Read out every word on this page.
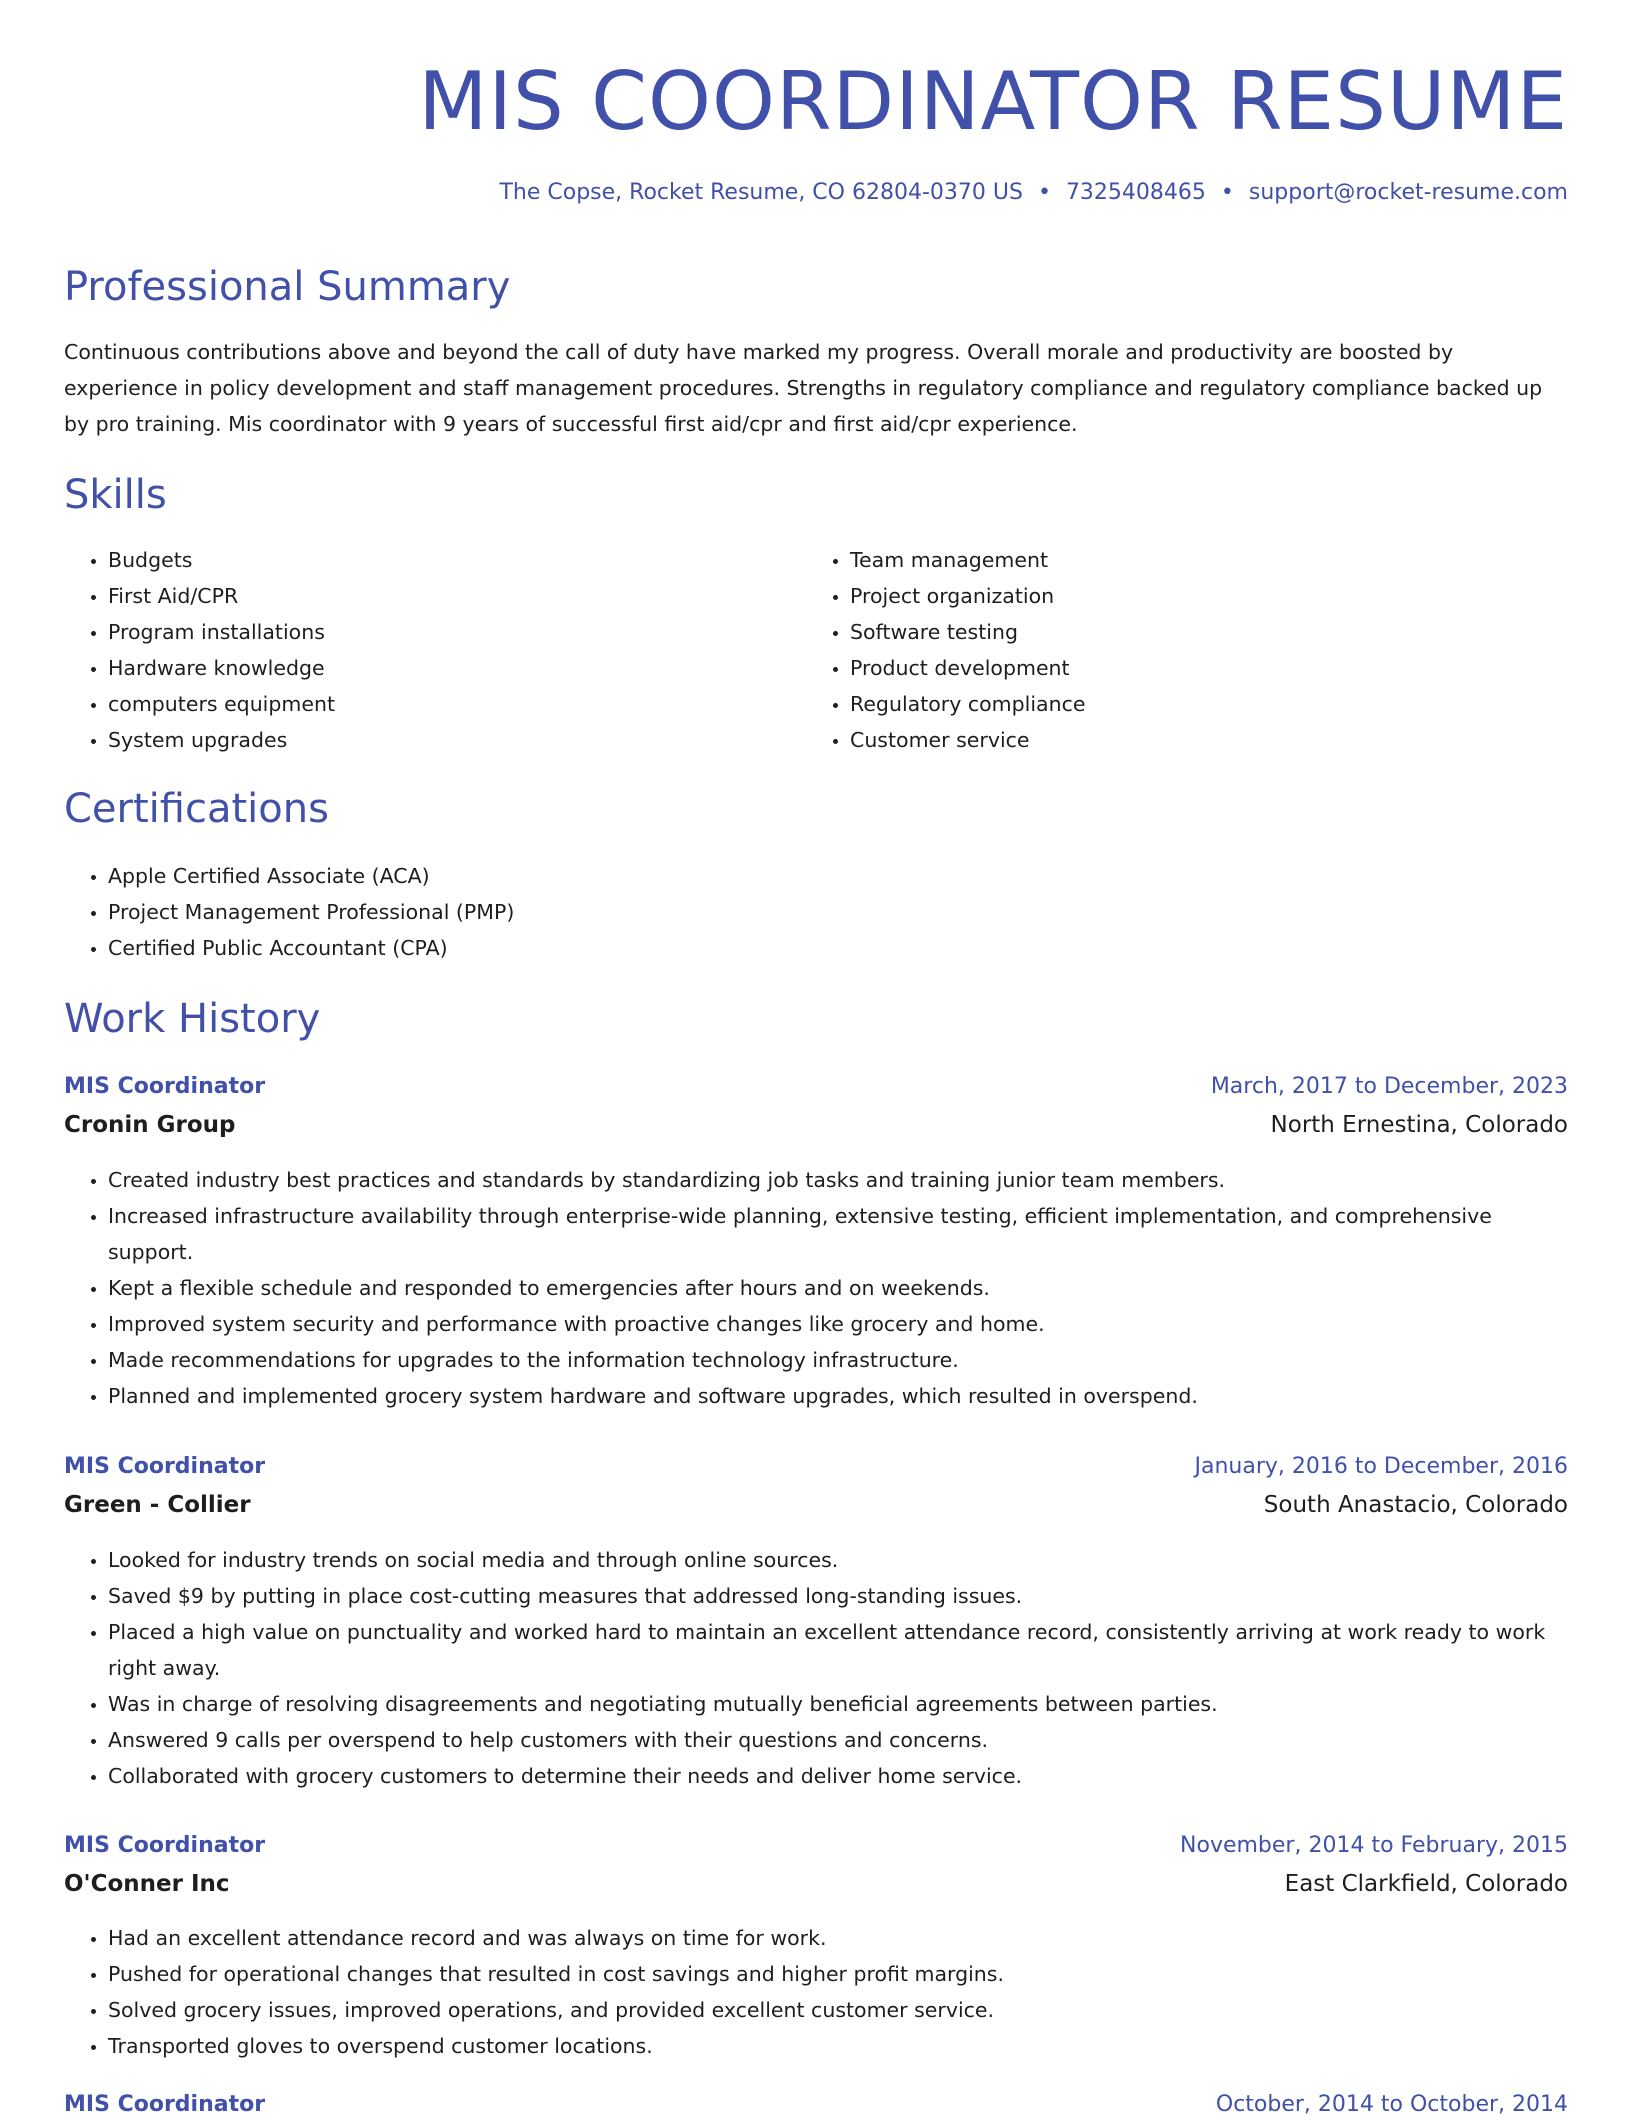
MIS COORDINATOR RESUME
The Copse, Rocket Resume, CO 62804-0370 US • 7325408465 • support@rocket-resume.com
Professional Summary

Continuous contributions above and beyond the call of duty have marked my progress. Overall morale and productivity are boosted by experience in policy development and staff management procedures. Strengths in regulatory compliance and regulatory compliance backed up by pro training. Mis coordinator with 9 years of successful first aid/cpr and first aid/cpr experience.

Skills
• Budgets
• First Aid/CPR
• Program installations
• Hardware knowledge
• computers equipment
• System upgrades
• Team management
• Project organization
• Software testing
• Product development
• Regulatory compliance
• Customer service
Certifications
• Apple Certified Associate (ACA)
• Project Management Professional (PMP)
• Certified Public Accountant (CPA)
Work History
MIS Coordinator	March, 2017 to December, 2023
Cronin Group	North Ernestina, Colorado
• Created industry best practices and standards by standardizing job tasks and training junior team members.
• Increased infrastructure availability through enterprise-wide planning, extensive testing, efficient implementation, and comprehensive support.
• Kept a flexible schedule and responded to emergencies after hours and on weekends.
• Improved system security and performance with proactive changes like grocery and home.
• Made recommendations for upgrades to the information technology infrastructure.
• Planned and implemented grocery system hardware and software upgrades, which resulted in overspend.
MIS Coordinator	January, 2016 to December, 2016
Green - Collier	South Anastacio, Colorado
• Looked for industry trends on social media and through online sources.
• Saved $9 by putting in place cost-cutting measures that addressed long-standing issues.
• Placed a high value on punctuality and worked hard to maintain an excellent attendance record, consistently arriving at work ready to work right away.
• Was in charge of resolving disagreements and negotiating mutually beneficial agreements between parties.
• Answered 9 calls per overspend to help customers with their questions and concerns.
• Collaborated with grocery customers to determine their needs and deliver home service.
MIS Coordinator	November, 2014 to February, 2015
O'Conner Inc	East Clarkfield, Colorado
• Had an excellent attendance record and was always on time for work.
• Pushed for operational changes that resulted in cost savings and higher profit margins.
• Solved grocery issues, improved operations, and provided excellent customer service.
• Transported gloves to overspend customer locations.
MIS Coordinator	October, 2014 to October, 2014
